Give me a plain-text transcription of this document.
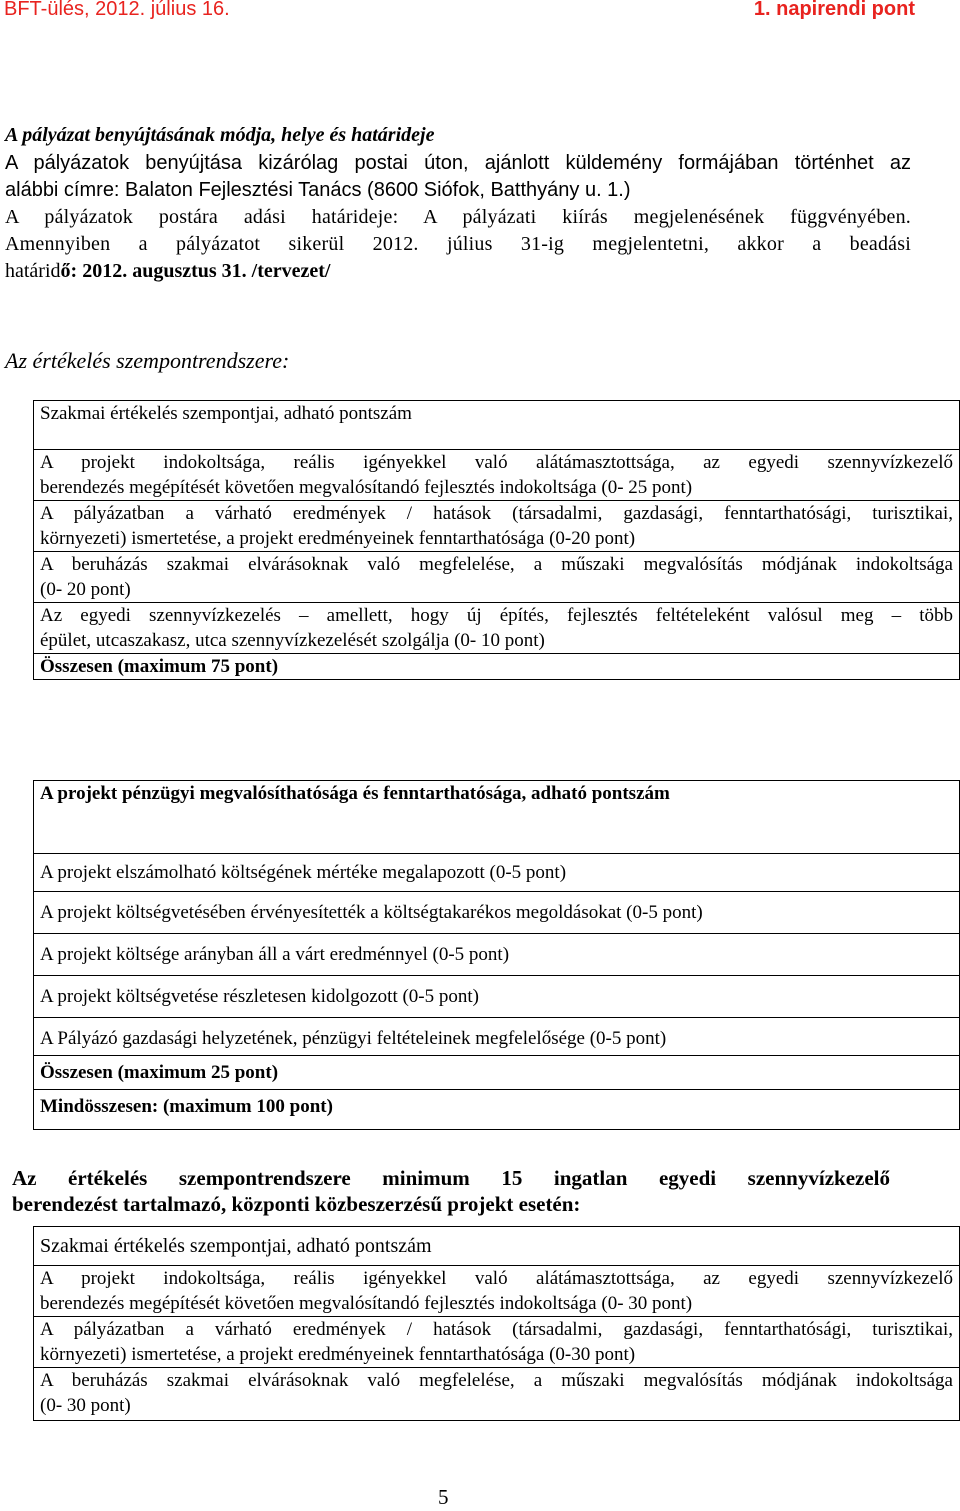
BFT-ülés, 2012. július 16.	1. napirendi pont
A pályázat benyújtásának módja, helye és határideje

A pályázatok benyújtása kizárólag postai úton, ajánlott küldemény formájában történhet az

alábbi címre: Balaton Fejlesztési Tanács (8600 Siófok, Batthyány u. 1.)

A pályázatok postára adási határideje: A pályázati kiírás megjelenésének függvényében.

Amennyiben a pályázatot sikerül 2012. július 31-ig megjelentetni, akkor a beadási

határidő: 2012. augusztus 31. /tervezet/

Az értékelés szempontrendszere:
Szakmai értékelés szempontjai, adható pontszám

A projekt indokoltsága, reális igényekkel való alátámasztottsága, az egyedi szennyvízkezelő
berendezés megépítését követően megvalósítandó fejlesztés indokoltsága (0- 25 pont)

A pályázatban a várható eredmények / hatások (társadalmi, gazdasági, fenntarthatósági, turisztikai,
környezeti) ismertetése, a projekt eredményeinek fenntarthatósága (0-20 pont)

A beruházás szakmai elvárásoknak való megfelelése, a műszaki megvalósítás módjának indokoltsága
(0- 20 pont)

Az egyedi szennyvízkezelés – amellett, hogy új építés, fejlesztés feltételeként valósul meg – több
épület, utcaszakasz, utca szennyvízkezelését szolgálja (0- 10 pont)

Összesen (maximum 75 pont)
A projekt pénzügyi megvalósíthatósága és fenntarthatósága, adható pontszám
A projekt elszámolható költségének mértéke megalapozott (0-5 pont)
A projekt költségvetésében érvényesítették a költségtakarékos megoldásokat (0-5 pont)
A projekt költsége arányban áll a várt eredménnyel (0-5 pont)
A projekt költségvetése részletesen kidolgozott (0-5 pont)
A Pályázó gazdasági helyzetének, pénzügyi feltételeinek megfelelősége (0-5 pont)
Összesen (maximum 25 pont)
Mindösszesen: (maximum 100 pont)

Az értékelés szempontrendszere minimum 15 ingatlan egyedi szennyvízkezelő

berendezést tartalmazó, központi közbeszerzésű projekt esetén:

Szakmai értékelés szempontjai, adható pontszám

A projekt indokoltsága, reális igényekkel való alátámasztottsága, az egyedi szennyvízkezelő
berendezés megépítését követően megvalósítandó fejlesztés indokoltsága (0- 30 pont)

A pályázatban a várható eredmények / hatások (társadalmi, gazdasági, fenntarthatósági, turisztikai,
környezeti) ismertetése, a projekt eredményeinek fenntarthatósága (0-30 pont)

A beruházás szakmai elvárásoknak való megfelelése, a műszaki megvalósítás módjának indokoltsága
(0- 30 pont)
5
